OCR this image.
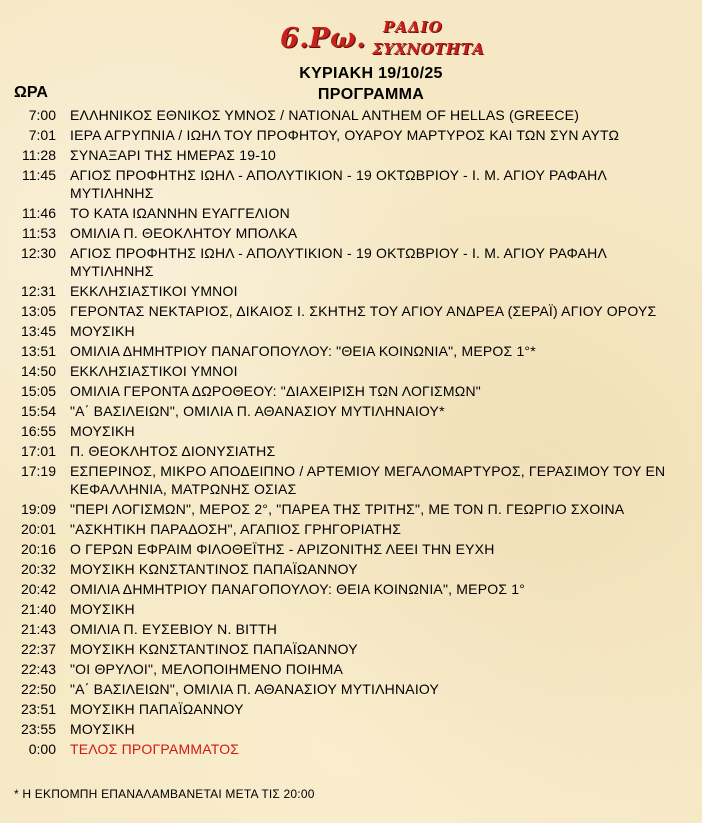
6.Ρω. ΡΑΔΙΟ
ΣΥΧΝΟΤΗΤΑ
ΚΥΡΙΑΚΗ 19/10/25
ΠΡΟΓΡΑΜΜΑ
ΩΡΑ
7:00 ΕΛΛΗΝΙΚΟΣ ΕΘΝΙΚΟΣ ΥΜΝΟΣ / NATIONAL ANTHEM OF HELLAS (GREECE)
7:01 ΙΕΡΑ ΑΓΡΥΠΝΙΑ / ΙΩΗΛ ΤΟΥ ΠΡΟΦΗΤΟΥ, ΟΥΑΡΟΥ ΜΑΡΤΥΡΟΣ ΚΑΙ ΤΩΝ ΣΥΝ ΑΥΤΩ
11:28 ΣΥΝΑΞΑΡΙ ΤΗΣ ΗΜΕΡΑΣ 19-10
11:45 ΑΓΙΟΣ ΠΡΟΦΗΤΗΣ ΙΩΗΛ - ΑΠΟΛΥΤΙΚΙΟΝ - 19 ΟΚΤΩΒΡΙΟΥ - Ι. Μ. ΑΓΙΟΥ ΡΑΦΑΗΛ ΜΥΤΙΛΗΝΗΣ
11:46 ΤΟ ΚΑΤΑ ΙΩΑΝΝΗΝ ΕΥΑΓΓΕΛΙΟΝ
11:53 ΟΜΙΛΙΑ Π. ΘΕΟΚΛΗΤΟΥ ΜΠΟΛΚΑ
12:30 ΑΓΙΟΣ ΠΡΟΦΗΤΗΣ ΙΩΗΛ - ΑΠΟΛΥΤΙΚΙΟΝ - 19 ΟΚΤΩΒΡΙΟΥ - Ι. Μ. ΑΓΙΟΥ ΡΑΦΑΗΛ ΜΥΤΙΛΗΝΗΣ
12:31 ΕΚΚΛΗΣΙΑΣΤΙΚΟΙ ΥΜΝΟΙ
13:05 ΓΕΡΟΝΤΑΣ ΝΕΚΤΑΡΙΟΣ, ΔΙΚΑΙΟΣ Ι. ΣΚΗΤΗΣ ΤΟΥ ΑΓΙΟΥ ΑΝΔΡΕΑ (ΣΕΡΑΪ) ΑΓΙΟΥ ΟΡΟΥΣ
13:45 ΜΟΥΣΙΚΗ
13:51 ΟΜΙΛΙΑ ΔΗΜΗΤΡΙΟΥ ΠΑΝΑΓΟΠΟΥΛΟΥ: "ΘΕΙΑ ΚΟΙΝΩΝΙΑ", ΜΕΡΟΣ 1°*
14:50 ΕΚΚΛΗΣΙΑΣΤΙΚΟΙ ΥΜΝΟΙ
15:05 ΟΜΙΛΙΑ ΓΕΡΟΝΤΑ ΔΩΡΟΘΕΟΥ: "ΔΙΑΧΕΙΡΙΣΗ ΤΩΝ ΛΟΓΙΣΜΩΝ"
15:54 "Α΄ ΒΑΣΙΛΕΙΩΝ", ΟΜΙΛΙΑ Π. ΑΘΑΝΑΣΙΟΥ ΜΥΤΙΛΗΝΑΙΟΥ*
16:55 ΜΟΥΣΙΚΗ
17:01 Π. ΘΕΟΚΛΗΤΟΣ ΔΙΟΝΥΣΙΑΤΗΣ
17:19 ΕΣΠΕΡΙΝΟΣ, ΜΙΚΡΟ ΑΠΟΔΕΙΠΝΟ / ΑΡΤΕΜΙΟΥ ΜΕΓΑΛΟΜΑΡΤΥΡΟΣ, ΓΕΡΑΣΙΜΟΥ ΤΟΥ ΕΝ ΚΕΦΑΛΛΗΝΙΑ, ΜΑΤΡΩΝΗΣ ΟΣΙΑΣ
19:09 "ΠΕΡΙ ΛΟΓΙΣΜΩΝ", ΜΕΡΟΣ 2°, "ΠΑΡΕΑ ΤΗΣ ΤΡΙΤΗΣ", ΜΕ ΤΟΝ Π. ΓΕΩΡΓΙΟ ΣΧΟΙΝΑ
20:01 "ΑΣΚΗΤΙΚΗ ΠΑΡΑΔΟΣΗ", ΑΓΑΠΙΟΣ ΓΡΗΓΟΡΙΑΤΗΣ
20:16 Ο ΓΕΡΩΝ ΕΦΡΑΙΜ ΦΙΛΟΘΕΪΤΗΣ - ΑΡΙΖΟΝΙΤΗΣ ΛΕΕΙ ΤΗΝ ΕΥΧΗ
20:32 ΜΟΥΣΙΚΗ ΚΩΝΣΤΑΝΤΙΝΟΣ ΠΑΠΑΪΩΑΝΝΟΥ
20:42 ΟΜΙΛΙΑ ΔΗΜΗΤΡΙΟΥ ΠΑΝΑΓΟΠΟΥΛΟΥ: ΘΕΙΑ ΚΟΙΝΩΝΙΑ", ΜΕΡΟΣ 1°
21:40 ΜΟΥΣΙΚΗ
21:43 ΟΜΙΛΙΑ Π. ΕΥΣΕΒΙΟΥ Ν. ΒΙΤΤΗ
22:37 ΜΟΥΣΙΚΗ ΚΩΝΣΤΑΝΤΙΝΟΣ ΠΑΠΑΪΩΑΝΝΟΥ
22:43 "ΟΙ ΘΡΥΛΟΙ", ΜΕΛΟΠΟΙΗΜΕΝΟ ΠΟΙΗΜΑ
22:50 "Α΄ ΒΑΣΙΛΕΙΩΝ", ΟΜΙΛΙΑ Π. ΑΘΑΝΑΣΙΟΥ ΜΥΤΙΛΗΝΑΙΟΥ
23:51 ΜΟΥΣΙΚΗ ΠΑΠΑΪΩΑΝΝΟΥ
23:55 ΜΟΥΣΙΚΗ
0:00 ΤΕΛΟΣ ΠΡΟΓΡΑΜΜΑΤΟΣ
* Η ΕΚΠΟΜΠΗ ΕΠΑΝΑΛΑΜΒΑΝΕΤΑΙ ΜΕΤΑ ΤΙΣ 20:00
